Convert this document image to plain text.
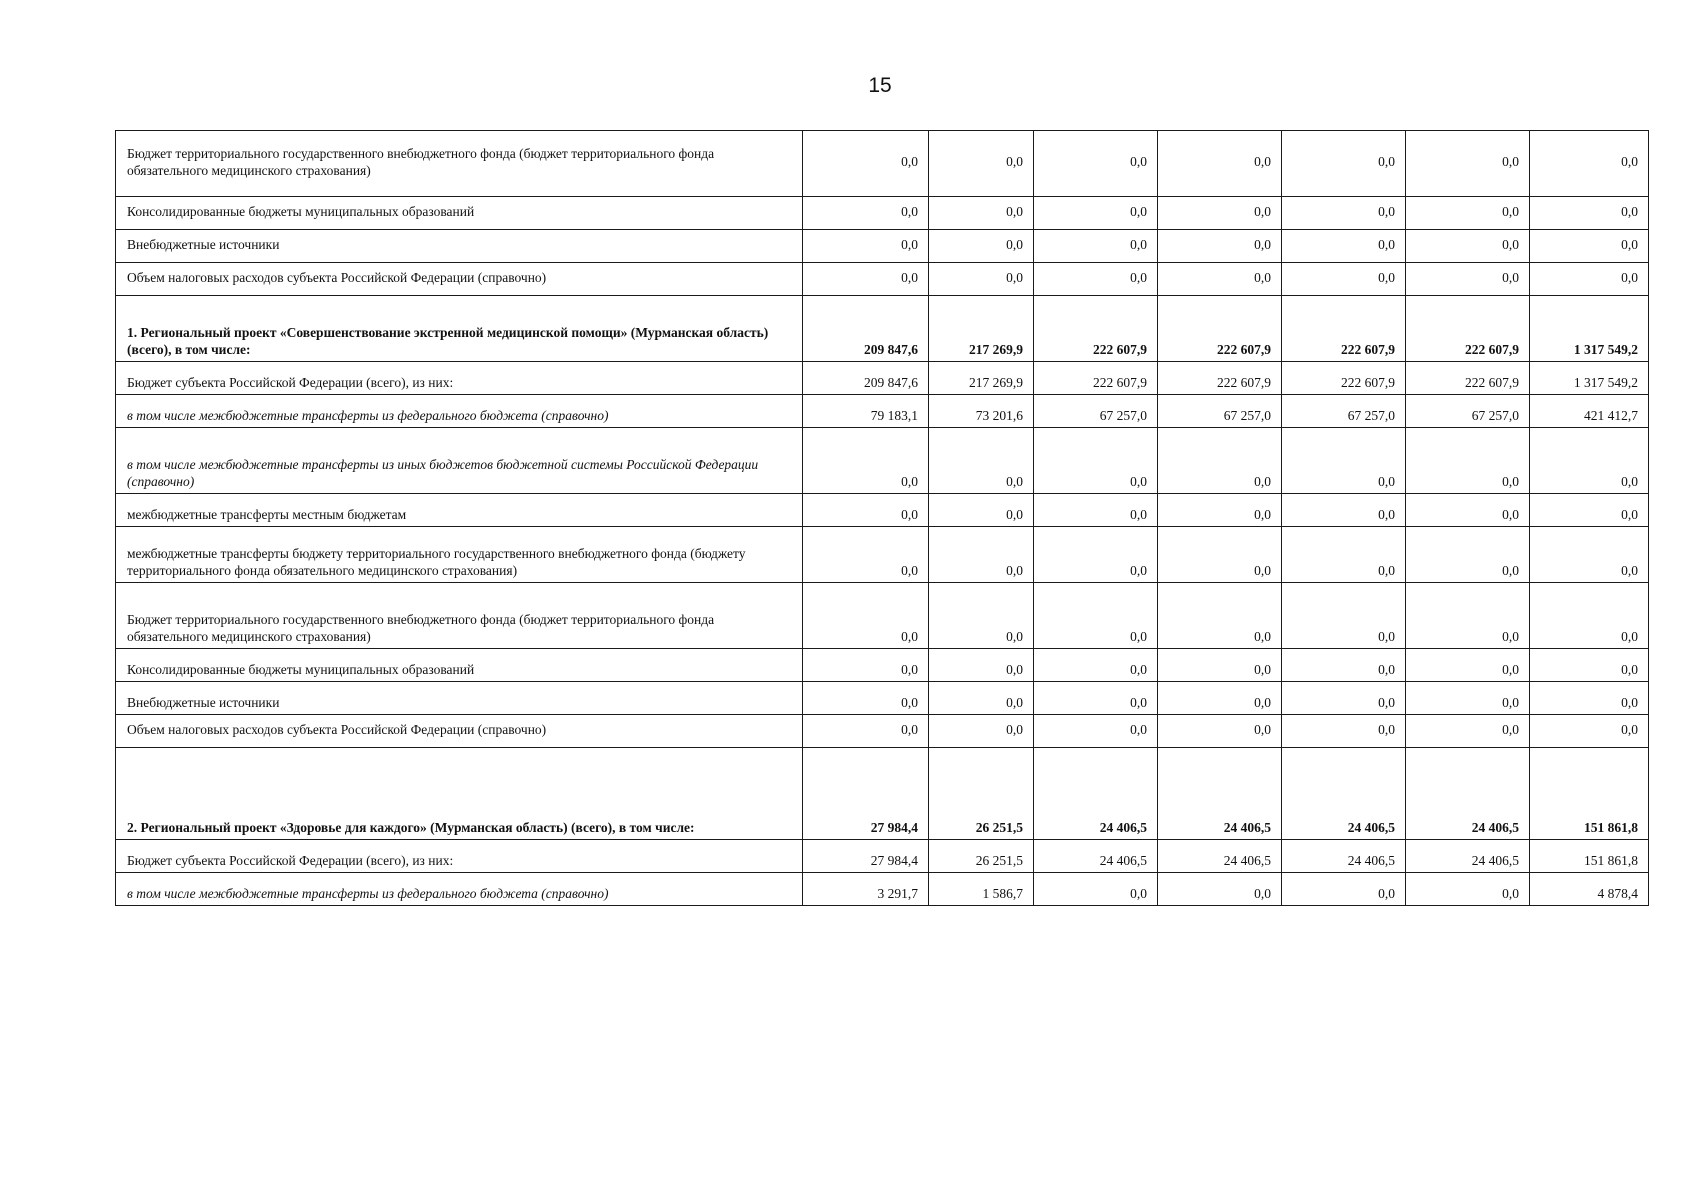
15
Бюджет территориального государственного внебюджетного фонда (бюджет территориального фонда обязательного медицинского страхования)	0,0	0,0	0,0	0,0	0,0	0,0	0,0
Консолидированные бюджеты муниципальных образований	0,0	0,0	0,0	0,0	0,0	0,0	0,0
Внебюджетные источники	0,0	0,0	0,0	0,0	0,0	0,0	0,0
Объем налоговых расходов субъекта Российской Федерации (справочно)	0,0	0,0	0,0	0,0	0,0	0,0	0,0
1. Региональный проект «Совершенствование экстренной медицинской помощи» (Мурманская область) (всего), в том числе:	209 847,6	217 269,9	222 607,9	222 607,9	222 607,9	222 607,9	1 317 549,2
Бюджет субъекта Российской Федерации (всего), из них:	209 847,6	217 269,9	222 607,9	222 607,9	222 607,9	222 607,9	1 317 549,2
в том числе межбюджетные трансферты из федерального бюджета (справочно)	79 183,1	73 201,6	67 257,0	67 257,0	67 257,0	67 257,0	421 412,7
в том числе межбюджетные трансферты из иных бюджетов бюджетной системы Российской Федерации (справочно)	0,0	0,0	0,0	0,0	0,0	0,0	0,0
межбюджетные трансферты местным бюджетам	0,0	0,0	0,0	0,0	0,0	0,0	0,0
межбюджетные трансферты бюджету территориального государственного внебюджетного фонда (бюджету территориального фонда обязательного медицинского страхования)	0,0	0,0	0,0	0,0	0,0	0,0	0,0
Бюджет территориального государственного внебюджетного фонда (бюджет территориального фонда обязательного медицинского страхования)	0,0	0,0	0,0	0,0	0,0	0,0	0,0
Консолидированные бюджеты муниципальных образований	0,0	0,0	0,0	0,0	0,0	0,0	0,0
Внебюджетные источники	0,0	0,0	0,0	0,0	0,0	0,0	0,0
Объем налоговых расходов субъекта Российской Федерации (справочно)	0,0	0,0	0,0	0,0	0,0	0,0	0,0
2. Региональный проект «Здоровье для каждого» (Мурманская область) (всего), в том числе:	27 984,4	26 251,5	24 406,5	24 406,5	24 406,5	24 406,5	151 861,8
Бюджет субъекта Российской Федерации (всего), из них:	27 984,4	26 251,5	24 406,5	24 406,5	24 406,5	24 406,5	151 861,8
в том числе межбюджетные трансферты из федерального бюджета (справочно)	3 291,7	1 586,7	0,0	0,0	0,0	0,0	4 878,4
